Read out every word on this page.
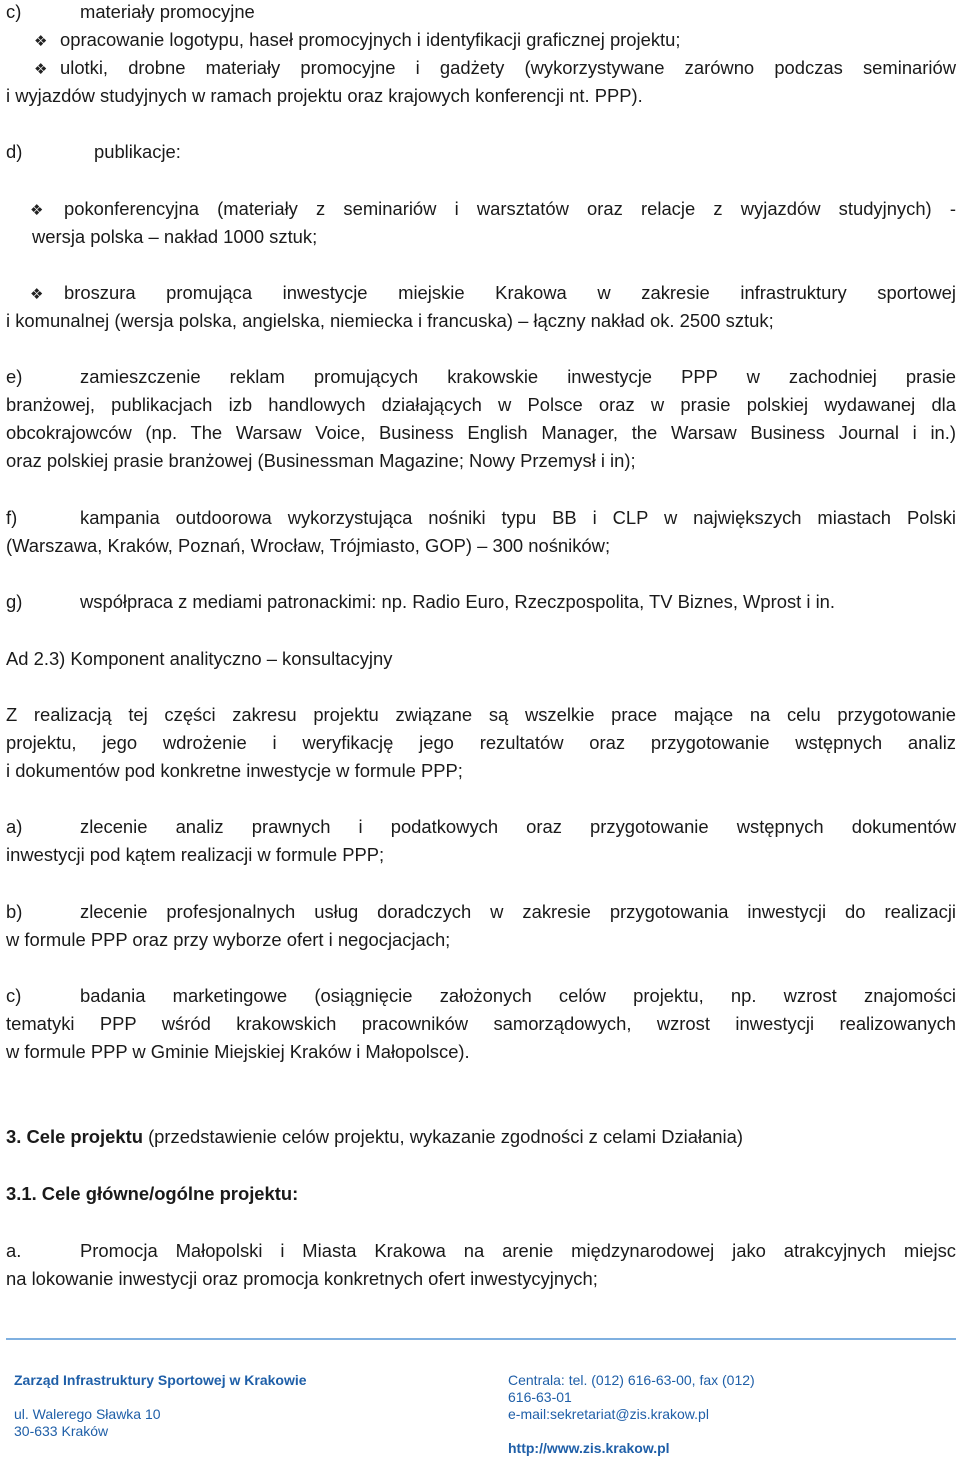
c)	materiały promocyjne
❖ opracowanie logotypu, haseł promocyjnych i identyfikacji graficznej projektu;
❖ ulotki, drobne materiały promocyjne i gadżety (wykorzystywane zarówno podczas seminariów
i wyjazdów studyjnych w ramach projektu oraz krajowych konferencji nt. PPP).
d)	publikacje:
❖ pokonferencyjna (materiały z seminariów i warsztatów oraz relacje z wyjazdów studyjnych) -
wersja polska – nakład 1000 sztuk;
❖ broszura promująca inwestycje miejskie Krakowa w zakresie infrastruktury sportowej
i komunalnej (wersja polska, angielska, niemiecka i francuska) – łączny nakład ok. 2500 sztuk;
e)	zamieszczenie reklam promujących krakowskie inwestycje PPP w zachodniej prasie
branżowej, publikacjach izb handlowych działających w Polsce oraz w prasie polskiej wydawanej dla
obcokrajowców (np. The Warsaw Voice, Business English Manager, the Warsaw Business Journal i in.)
oraz polskiej prasie branżowej (Businessman Magazine; Nowy Przemysł i in);
f)	kampania outdoorowa wykorzystująca nośniki typu BB i CLP w największych miastach Polski
(Warszawa, Kraków, Poznań, Wrocław, Trójmiasto, GOP) – 300 nośników;
g)	współpraca z mediami patronackimi: np. Radio Euro, Rzeczpospolita, TV Biznes, Wprost i in.
Ad 2.3) Komponent analityczno – konsultacyjny
Z realizacją tej części zakresu projektu związane są wszelkie prace mające na celu przygotowanie
projektu, jego wdrożenie i weryfikację jego rezultatów oraz przygotowanie wstępnych analiz
i dokumentów pod konkretne inwestycje w formule PPP;
a)	zlecenie analiz prawnych i podatkowych oraz przygotowanie wstępnych dokumentów
inwestycji pod kątem realizacji w formule PPP;
b)	zlecenie profesjonalnych usług doradczych w zakresie przygotowania inwestycji do realizacji
w formule PPP oraz przy wyborze ofert i negocjacjach;
c)	badania marketingowe (osiągnięcie założonych celów projektu, np. wzrost znajomości
tematyki PPP wśród krakowskich pracowników samorządowych, wzrost inwestycji realizowanych
w formule PPP w Gminie Miejskiej Kraków i Małopolsce).
3. Cele projektu (przedstawienie celów projektu, wykazanie zgodności z celami Działania)
3.1. Cele główne/ogólne projektu:
a.	Promocja Małopolski i Miasta Krakowa na arenie międzynarodowej jako atrakcyjnych miejsc
na lokowanie inwestycji oraz promocja konkretnych ofert inwestycyjnych;
Zarząd Infrastruktury Sportowej w Krakowie
ul. Walerego Sławka 10
30-633 Kraków
Centrala: tel. (012) 616-63-00, fax (012)
616-63-01
e-mail:sekretariat@zis.krakow.pl
http://www.zis.krakow.pl
